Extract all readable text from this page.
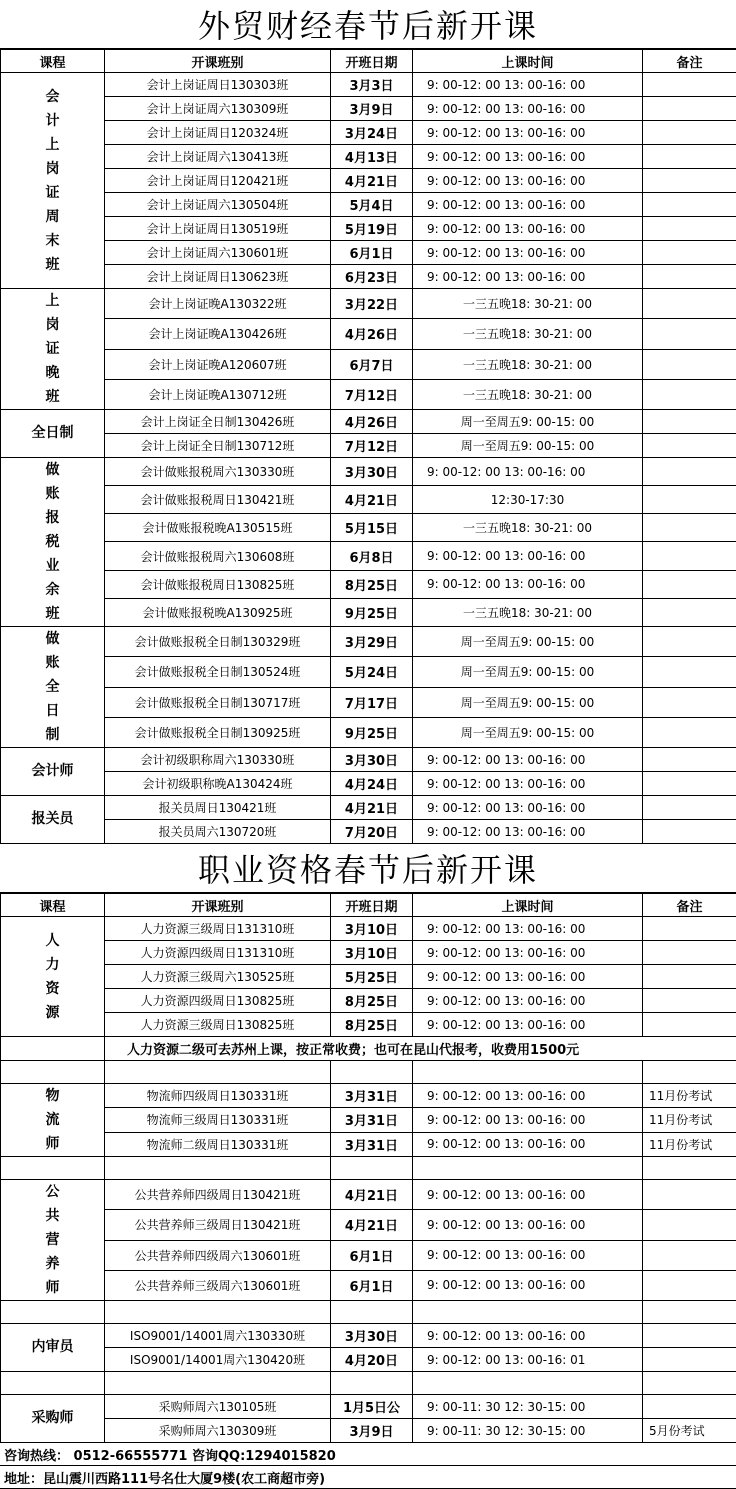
外贸财经春节后新开课
课程	开课班别	开班日期	上课时间	备注

会计上岗证周末班	会计上岗证周日130303班	3月3日	9: 00-12: 00 13: 00-16: 00	
	会计上岗证周六130309班	3月9日	9: 00-12: 00 13: 00-16: 00	
	会计上岗证周日120324班	3月24日	9: 00-12: 00 13: 00-16: 00	
	会计上岗证周六130413班	4月13日	9: 00-12: 00 13: 00-16: 00	
	会计上岗证周日120421班	4月21日	9: 00-12: 00 13: 00-16: 00	
	会计上岗证周六130504班	5月4日	9: 00-12: 00 13: 00-16: 00	
	会计上岗证周日130519班	5月19日	9: 00-12: 00 13: 00-16: 00	
	会计上岗证周六130601班	6月1日	9: 00-12: 00 13: 00-16: 00	
	会计上岗证周日130623班	6月23日	9: 00-12: 00 13: 00-16: 00	

上岗证晚班	会计上岗证晚A130322班	3月22日	一三五晚18: 30-21: 00	
	会计上岗证晚A130426班	4月26日	一三五晚18: 30-21: 00	
	会计上岗证晚A120607班	6月7日	一三五晚18: 30-21: 00	
	会计上岗证晚A130712班	7月12日	一三五晚18: 30-21: 00	
全日制	会计上岗证全日制130426班	4月26日	周一至周五9: 00-15: 00	
	会计上岗证全日制130712班	7月12日	周一至周五9: 00-15: 00	

做账报税业余班	会计做账报税周六130330班	3月30日	9: 00-12: 00 13: 00-16: 00	
	会计做账报税周日130421班	4月21日	12:30-17:30	
	会计做账报税晚A130515班	5月15日	一三五晚18: 30-21: 00	
	会计做账报税周六130608班	6月8日	9: 00-12: 00 13: 00-16: 00	
	会计做账报税周日130825班	8月25日	9: 00-12: 00 13: 00-16: 00	
	会计做账报税晚A130925班	9月25日	一三五晚18: 30-21: 00	

做账全日制	会计做账报税全日制130329班	3月29日	周一至周五9: 00-15: 00	
	会计做账报税全日制130524班	5月24日	周一至周五9: 00-15: 00	
	会计做账报税全日制130717班	7月17日	周一至周五9: 00-15: 00	
	会计做账报税全日制130925班	9月25日	周一至周五9: 00-15: 00	
会计师	会计初级职称周六130330班	3月30日	9: 00-12: 00 13: 00-16: 00	
	会计初级职称晚A130424班	4月24日	9: 00-12: 00 13: 00-16: 00	
报关员	报关员周日130421班	4月21日	9: 00-12: 00 13: 00-16: 00	
	报关员周六130720班	7月20日	9: 00-12: 00 13: 00-16: 00	
职业资格春节后新开课
课程	开课班别	开班日期	上课时间	备注

人力资源	人力资源三级周日131310班	3月10日	9: 00-12: 00 13: 00-16: 00	
	人力资源四级周日131310班	3月10日	9: 00-12: 00 13: 00-16: 00	
	人力资源三级周六130525班	5月25日	9: 00-12: 00 13: 00-16: 00	
	人力资源四级周日130825班	8月25日	9: 00-12: 00 13: 00-16: 00	
	人力资源三级周日130825班	8月25日	9: 00-12: 00 13: 00-16: 00	
	人力资源二级可去苏州上课，按正常收费；也可在昆山代报考，收费用1500元			

物流师	物流师四级周日130331班	3月31日	9: 00-12: 00 13: 00-16: 00	11月份考试
	物流师三级周日130331班	3月31日	9: 00-12: 00 13: 00-16: 00	11月份考试
	物流师二级周日130331班	3月31日	9: 00-12: 00 13: 00-16: 00	11月份考试

公共营养师	公共营养师四级周日130421班	4月21日	9: 00-12: 00 13: 00-16: 00	
	公共营养师三级周日130421班	4月21日	9: 00-12: 00 13: 00-16: 00	
	公共营养师四级周六130601班	6月1日	9: 00-12: 00 13: 00-16: 00	
	公共营养师三级周六130601班	6月1日	9: 00-12: 00 13: 00-16: 00	

内审员	ISO9001/14001周六130330班	3月30日	9: 00-12: 00 13: 00-16: 00	
	ISO9001/14001周六130420班	4月20日	9: 00-12: 00 13: 00-16: 01	

采购师	采购师周六130105班	1月5日公	9: 00-11: 30 12: 30-15: 00	
	采购师周六130309班	3月9日	9: 00-11: 30 12: 30-15: 00	5月份考试
咨询热线： 0512-66555771 咨询QQ:1294015820
地址：昆山震川西路111号名仕大厦9楼(农工商超市旁)
